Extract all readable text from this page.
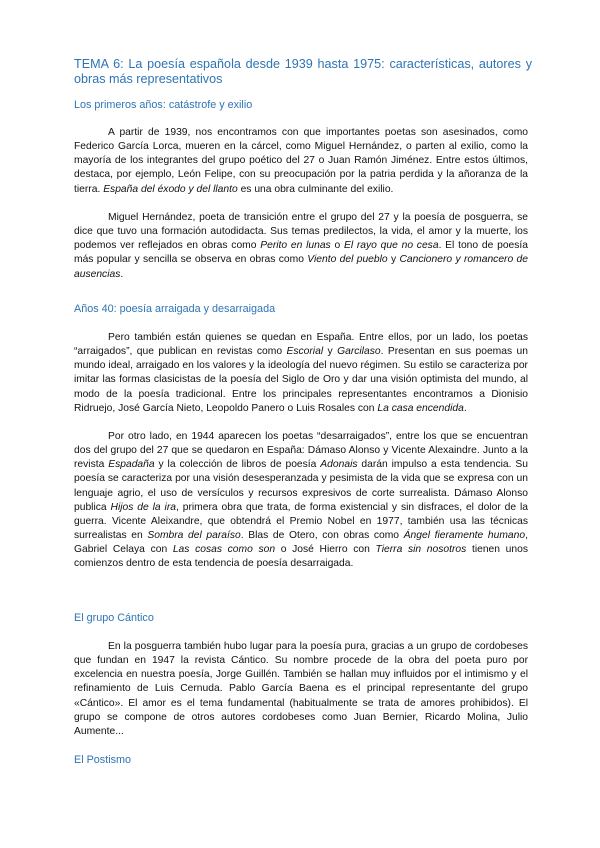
TEMA 6: La poesía española desde 1939 hasta 1975: características, autores y obras más representativos
Los primeros años: catástrofe y exilio

A partir de 1939, nos encontramos con que importantes poetas son asesinados, como Federico García Lorca, mueren en la cárcel, como Miguel Hernández, o parten al exilio, como la mayoría de los integrantes del grupo poético del 27 o Juan Ramón Jiménez. Entre estos últimos, destaca, por ejemplo, León Felipe, con su preocupación por la patria perdida y la añoranza de la tierra. España del éxodo y del llanto es una obra culminante del exilio.

Miguel Hernández, poeta de transición entre el grupo del 27 y la poesía de posguerra, se dice que tuvo una formación autodidacta. Sus temas predilectos, la vida, el amor y la muerte, los podemos ver reflejados en obras como Perito en lunas o El rayo que no cesa. El tono de poesía más popular y sencilla se observa en obras como Viento del pueblo y Cancionero y romancero de ausencias.

Años 40: poesía arraigada y desarraigada

Pero también están quienes se quedan en España. Entre ellos, por un lado, los poetas “arraigados”, que publican en revistas como Escorial y Garcilaso. Presentan en sus poemas un mundo ideal, arraigado en los valores y la ideología del nuevo régimen. Su estilo se caracteriza por imitar las formas clasicistas de la poesía del Siglo de Oro y dar una visión optimista del mundo, al modo de la poesía tradicional. Entre los principales representantes encontramos a Dionisio Ridruejo, José García Nieto, Leopoldo Panero o Luis Rosales con La casa encendida.

Por otro lado, en 1944 aparecen los poetas “desarraigados”, entre los que se encuentran dos del grupo del 27 que se quedaron en España: Dámaso Alonso y Vicente Alexaindre. Junto a la revista Espadaña y la colección de libros de poesía Adonais darán impulso a esta tendencia. Su poesía se caracteriza por una visión desesperanzada y pesimista de la vida que se expresa con un lenguaje agrio, el uso de versículos y recursos expresivos de corte surrealista. Dámaso Alonso publica Hijos de la ira, primera obra que trata, de forma existencial y sin disfraces, el dolor de la guerra. Vicente Aleixandre, que obtendrá el Premio Nobel en 1977, también usa las técnicas surrealistas en Sombra del paraíso. Blas de Otero, con obras como Ángel fieramente humano, Gabriel Celaya con Las cosas como son o José Hierro con Tierra sin nosotros tienen unos comienzos dentro de esta tendencia de poesía desarraigada.

El grupo Cántico

En la posguerra también hubo lugar para la poesía pura, gracias a un grupo de cordobeses que fundan en 1947 la revista Cántico. Su nombre procede de la obra del poeta puro por excelencia en nuestra poesía, Jorge Guillén. También se hallan muy influidos por el intimismo y el refinamiento de Luis Cernuda. Pablo García Baena es el principal representante del grupo «Cántico». El amor es el tema fundamental (habitualmente se trata de amores prohibidos). El grupo se compone de otros autores cordobeses como Juan Bernier, Ricardo Molina, Julio Aumente...

El Postismo
